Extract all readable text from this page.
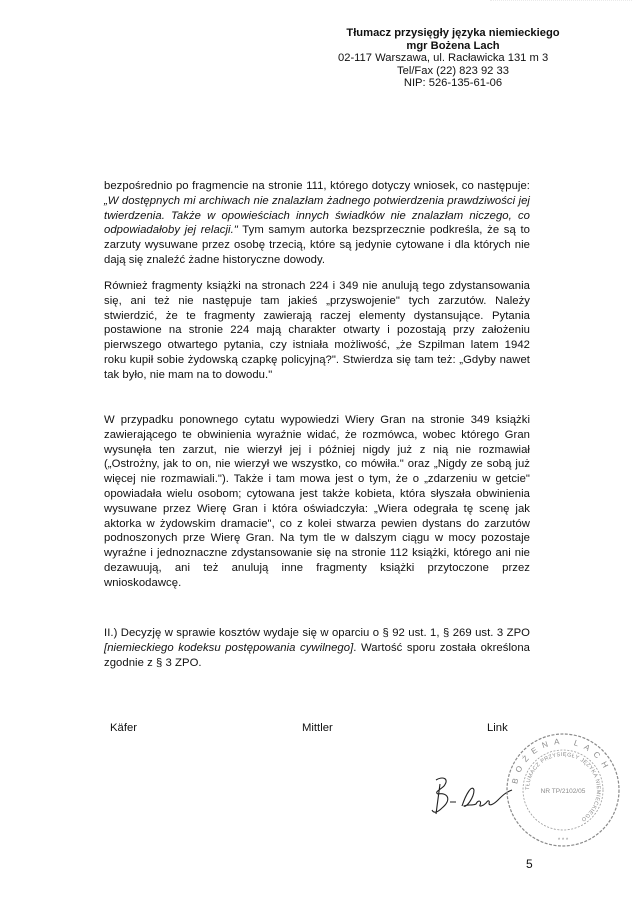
Tłumacz przysięgły języka niemieckiego
mgr Bożena Lach
02-117 Warszawa, ul. Racławicka 131 m 3
Tel/Fax (22) 823 92 33
NIP: 526-135-61-06

bezpośrednio po fragmencie na stronie 111, którego dotyczy wniosek, co następuje: „W dostępnych mi archiwach nie znalazłam żadnego potwierdzenia prawdziwości jej twierdzenia. Także w opowieściach innych świadków nie znalazłam niczego, co odpowiadałoby jej relacji." Tym samym autorka bezsprzecznie podkreśla, że są to zarzuty wysuwane przez osobę trzecią, które są jedynie cytowane i dla których nie dają się znaleźć żadne historyczne dowody.

Również fragmenty książki na stronach 224 i 349 nie anulują tego zdystansowania się, ani też nie następuje tam jakieś „przyswojenie" tych zarzutów. Należy stwierdzić, że te fragmenty zawierają raczej elementy dystansujące. Pytania postawione na stronie 224 mają charakter otwarty i pozostają przy założeniu pierwszego otwartego pytania, czy istniała możliwość, „że Szpilman latem 1942 roku kupił sobie żydowską czapkę policyjną?". Stwierdza się tam też: „Gdyby nawet tak było, nie mam na to dowodu."

W przypadku ponownego cytatu wypowiedzi Wiery Gran na stronie 349 książki zawierającego te obwinienia wyraźnie widać, że rozmówca, wobec którego Gran wysunęła ten zarzut, nie wierzył jej i później nigdy już z nią nie rozmawiał („Ostrożny, jak to on, nie wierzył we wszystko, co mówiła." oraz „Nigdy ze sobą już więcej nie rozmawiali."). Także i tam mowa jest o tym, że o „zdarzeniu w getcie" opowiadała wielu osobom; cytowana jest także kobieta, która słyszała obwinienia wysuwane przez Wierę Gran i która oświadczyła: „Wiera odegrała tę scenę jak aktorka w żydowskim dramacie", co z kolei stwarza pewien dystans do zarzutów podnoszonych prze Wierę Gran. Na tym tle w dalszym ciągu w mocy pozostaje wyraźne i jednoznaczne zdystansowanie się na stronie 112 książki, którego ani nie dezawuują, ani też anulują inne fragmenty książki przytoczone przez wnioskodawcę.

II.) Decyzję w sprawie kosztów wydaje się w oparciu o § 92 ust. 1, § 269 ust. 3 ZPO [niemieckiego kodeksu postępowania cywilnego]. Wartość sporu została określona zgodnie z § 3 ZPO.

Käfer	Mittler	Link
BOŻENA LACH
TŁUMACZ PRZYSIĘGŁY JĘZYKA NIEMIECKIEGO
NR TP/2102/05
* * *
5
